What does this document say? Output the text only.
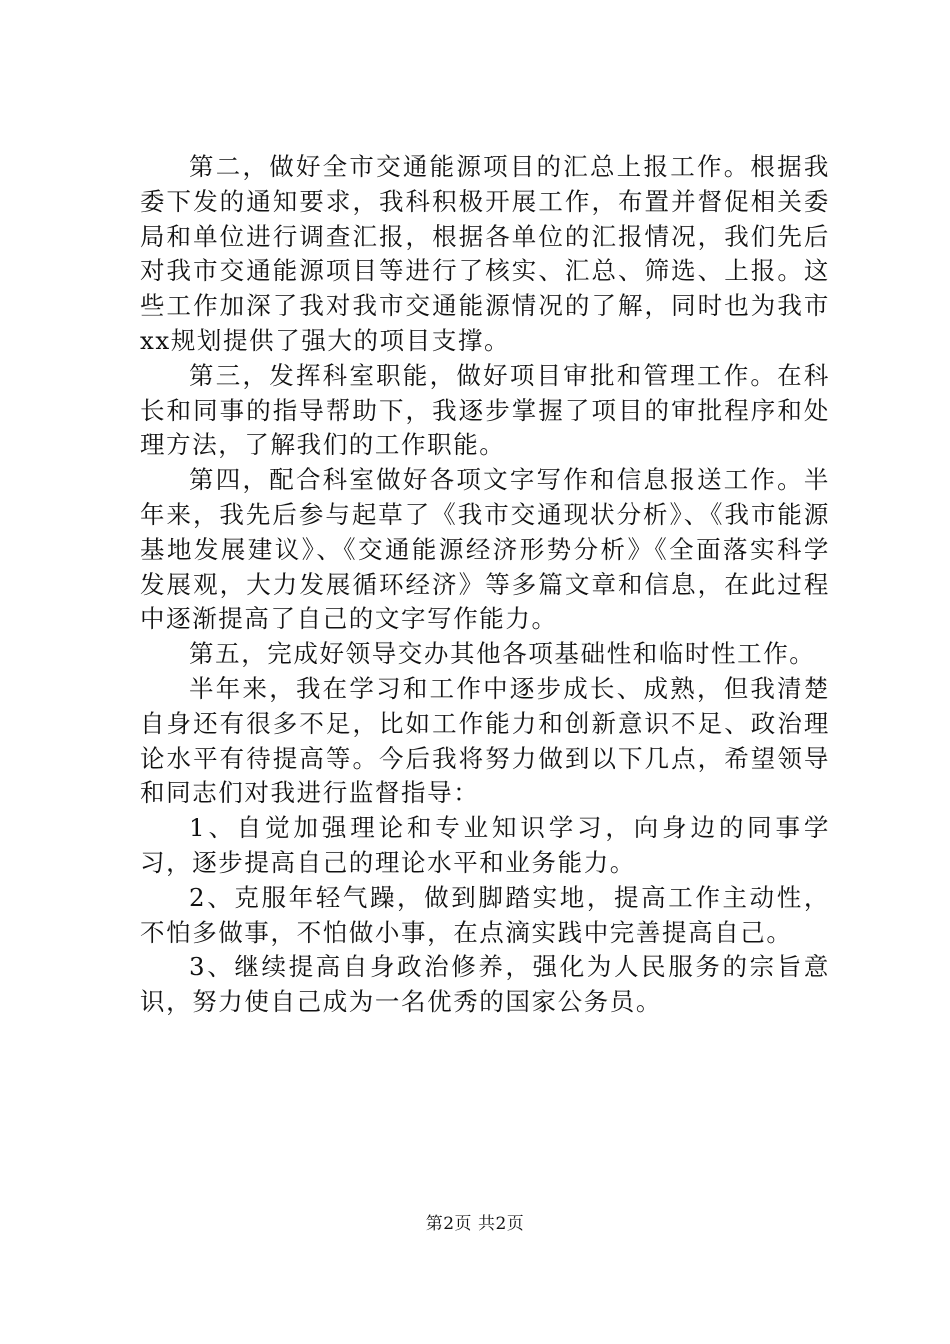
第二，做好全市交通能源项目的汇总上报工作。根据我委下发的通知要求，我科积极开展工作，布置并督促相关委局和单位进行调查汇报，根据各单位的汇报情况，我们先后对我市交通能源项目等进行了核实、汇总、筛选、上报。这些工作加深了我对我市交通能源情况的了解，同时也为我市xx规划提供了强大的项目支撑。

第三，发挥科室职能，做好项目审批和管理工作。在科长和同事的指导帮助下，我逐步掌握了项目的审批程序和处理方法，了解我们的工作职能。

第四，配合科室做好各项文字写作和信息报送工作。半年来，我先后参与起草了《我市交通现状分析》、《我市能源基地发展建议》、《交通能源经济形势分析》《全面落实科学发展观，大力发展循环经济》等多篇文章和信息，在此过程中逐渐提高了自己的文字写作能力。

第五，完成好领导交办其他各项基础性和临时性工作。

半年来，我在学习和工作中逐步成长、成熟，但我清楚自身还有很多不足，比如工作能力和创新意识不足、政治理论水平有待提高等。今后我将努力做到以下几点，希望领导和同志们对我进行监督指导：

1、自觉加强理论和专业知识学习，向身边的同事学习，逐步提高自己的理论水平和业务能力。

2、克服年轻气躁，做到脚踏实地，提高工作主动性，不怕多做事，不怕做小事，在点滴实践中完善提高自己。

3、继续提高自身政治修养，强化为人民服务的宗旨意识，努力使自己成为一名优秀的国家公务员。

第2页 共2页
